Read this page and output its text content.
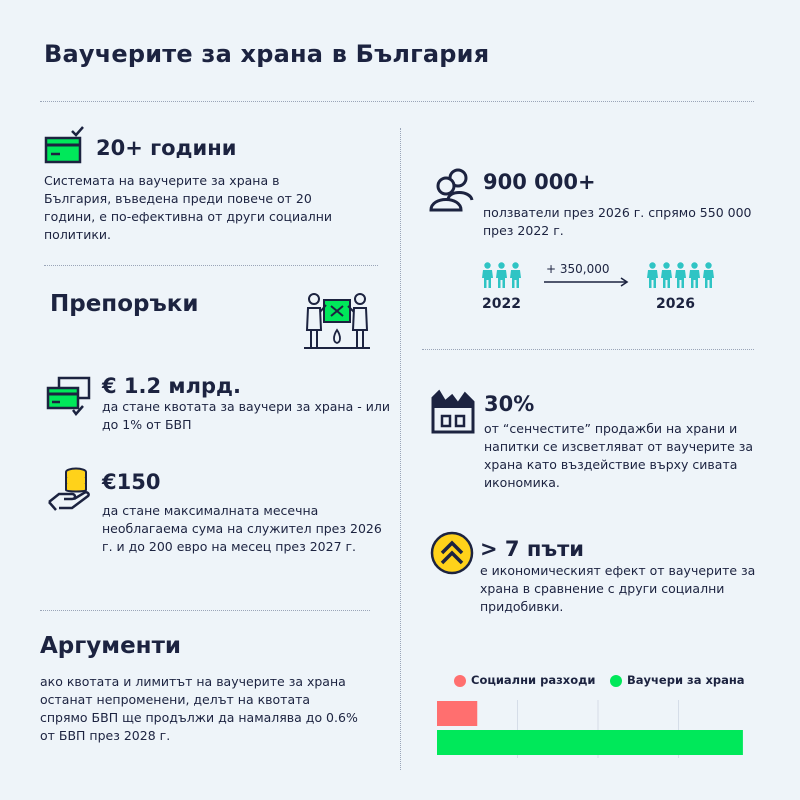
Ваучерите за храна в България
20+ години
Системата на ваучерите за храна в България, въведена преди повече от 20 години, е по-ефективна от други социални политики.
Препоръки
€ 1.2 млрд.
да стане квотата за ваучери за храна - или до 1% от БВП
€150
да стане максималната месечна необлагаема сума на служител през 2026 г. и до 200 евро на месец през 2027 г.
Аргументи
ако квотата и лимитът на ваучерите за храна останат непроменени, делът на квотата спрямо БВП ще продължи да намалява до 0.6% от БВП през 2028 г.
900 000+
ползватели през 2026 г. спрямо 550 000 през 2022 г.
+ 350,000
2022	2026
30%
от “сенчестите” продажби на храни и напитки се изсветляват от ваучерите за храна като въздействие върху сивата икономика.
> 7 пъти
е икономическият ефект от ваучерите за храна в сравнение с други социални придобивки.
Социални разходи	Ваучери за храна
